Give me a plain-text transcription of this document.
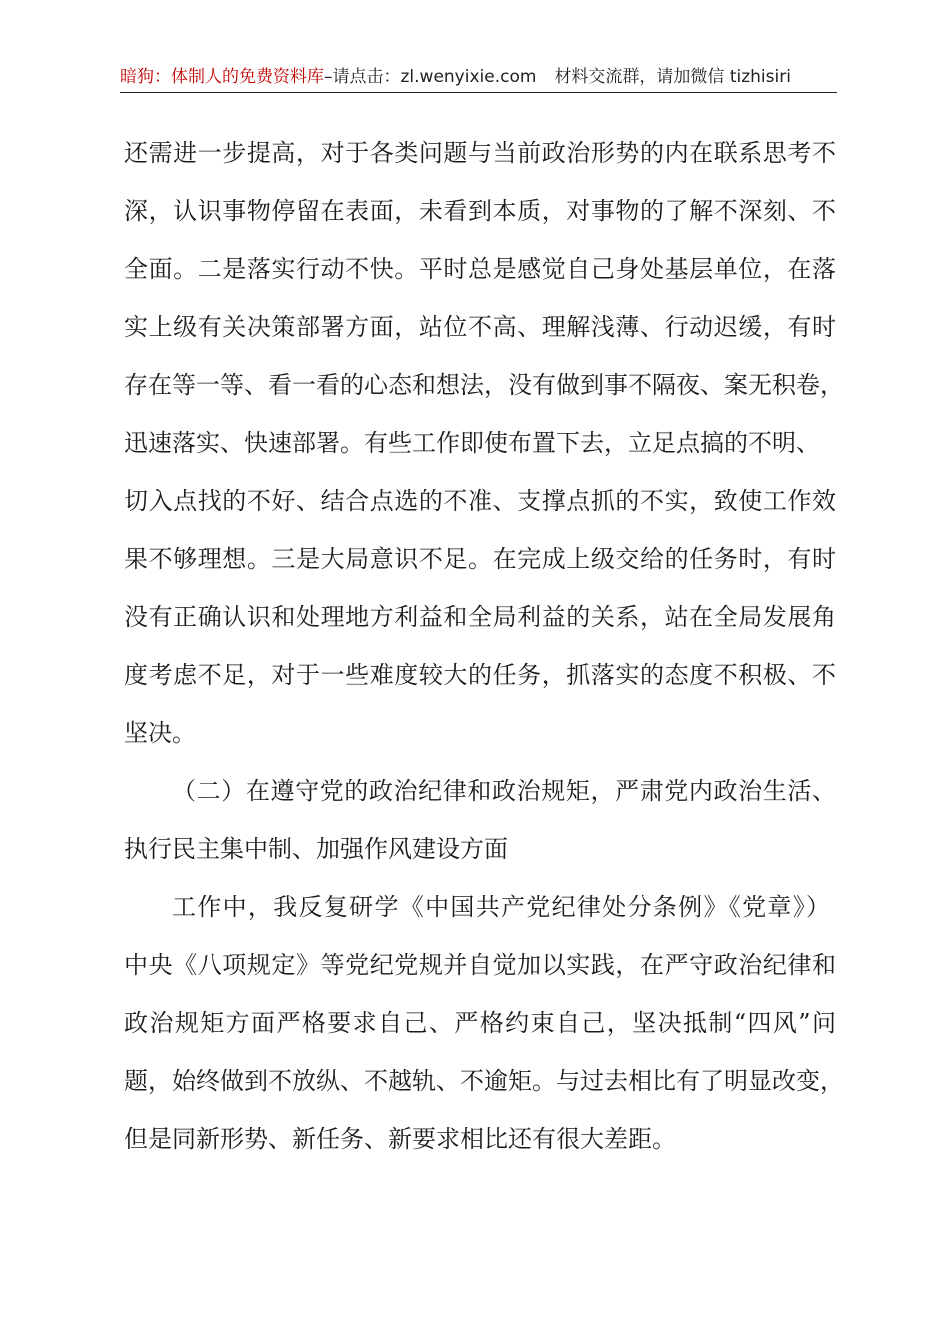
暗狗：体制人的免费资料库–请点击：zl.wenyixie.com 材料交流群，请加微信 tizhisiri
还需进一步提高，对于各类问题与当前政治形势的内在联系思考不
深，认识事物停留在表面，未看到本质，对事物的了解不深刻、不
全面。二是落实行动不快。平时总是感觉自己身处基层单位，在落
实上级有关决策部署方面，站位不高、理解浅薄、行动迟缓，有时
存在等一等、看一看的心态和想法，没有做到事不隔夜、案无积卷，
迅速落实、快速部署。有些工作即使布置下去，立足点搞的不明、
切入点找的不好、结合点选的不准、支撑点抓的不实，致使工作效
果不够理想。三是大局意识不足。在完成上级交给的任务时，有时
没有正确认识和处理地方利益和全局利益的关系，站在全局发展角
度考虑不足，对于一些难度较大的任务，抓落实的态度不积极、不
坚决。
（二）在遵守党的政治纪律和政治规矩，严肃党内政治生活、
执行民主集中制、加强作风建设方面
工作中，我反复研学《中国共产党纪律处分条例》《党章》）
中央《八项规定》等党纪党规并自觉加以实践，在严守政治纪律和
政治规矩方面严格要求自己、严格约束自己，坚决抵制“四风”问
题，始终做到不放纵、不越轨、不逾矩。与过去相比有了明显改变，
但是同新形势、新任务、新要求相比还有很大差距。
